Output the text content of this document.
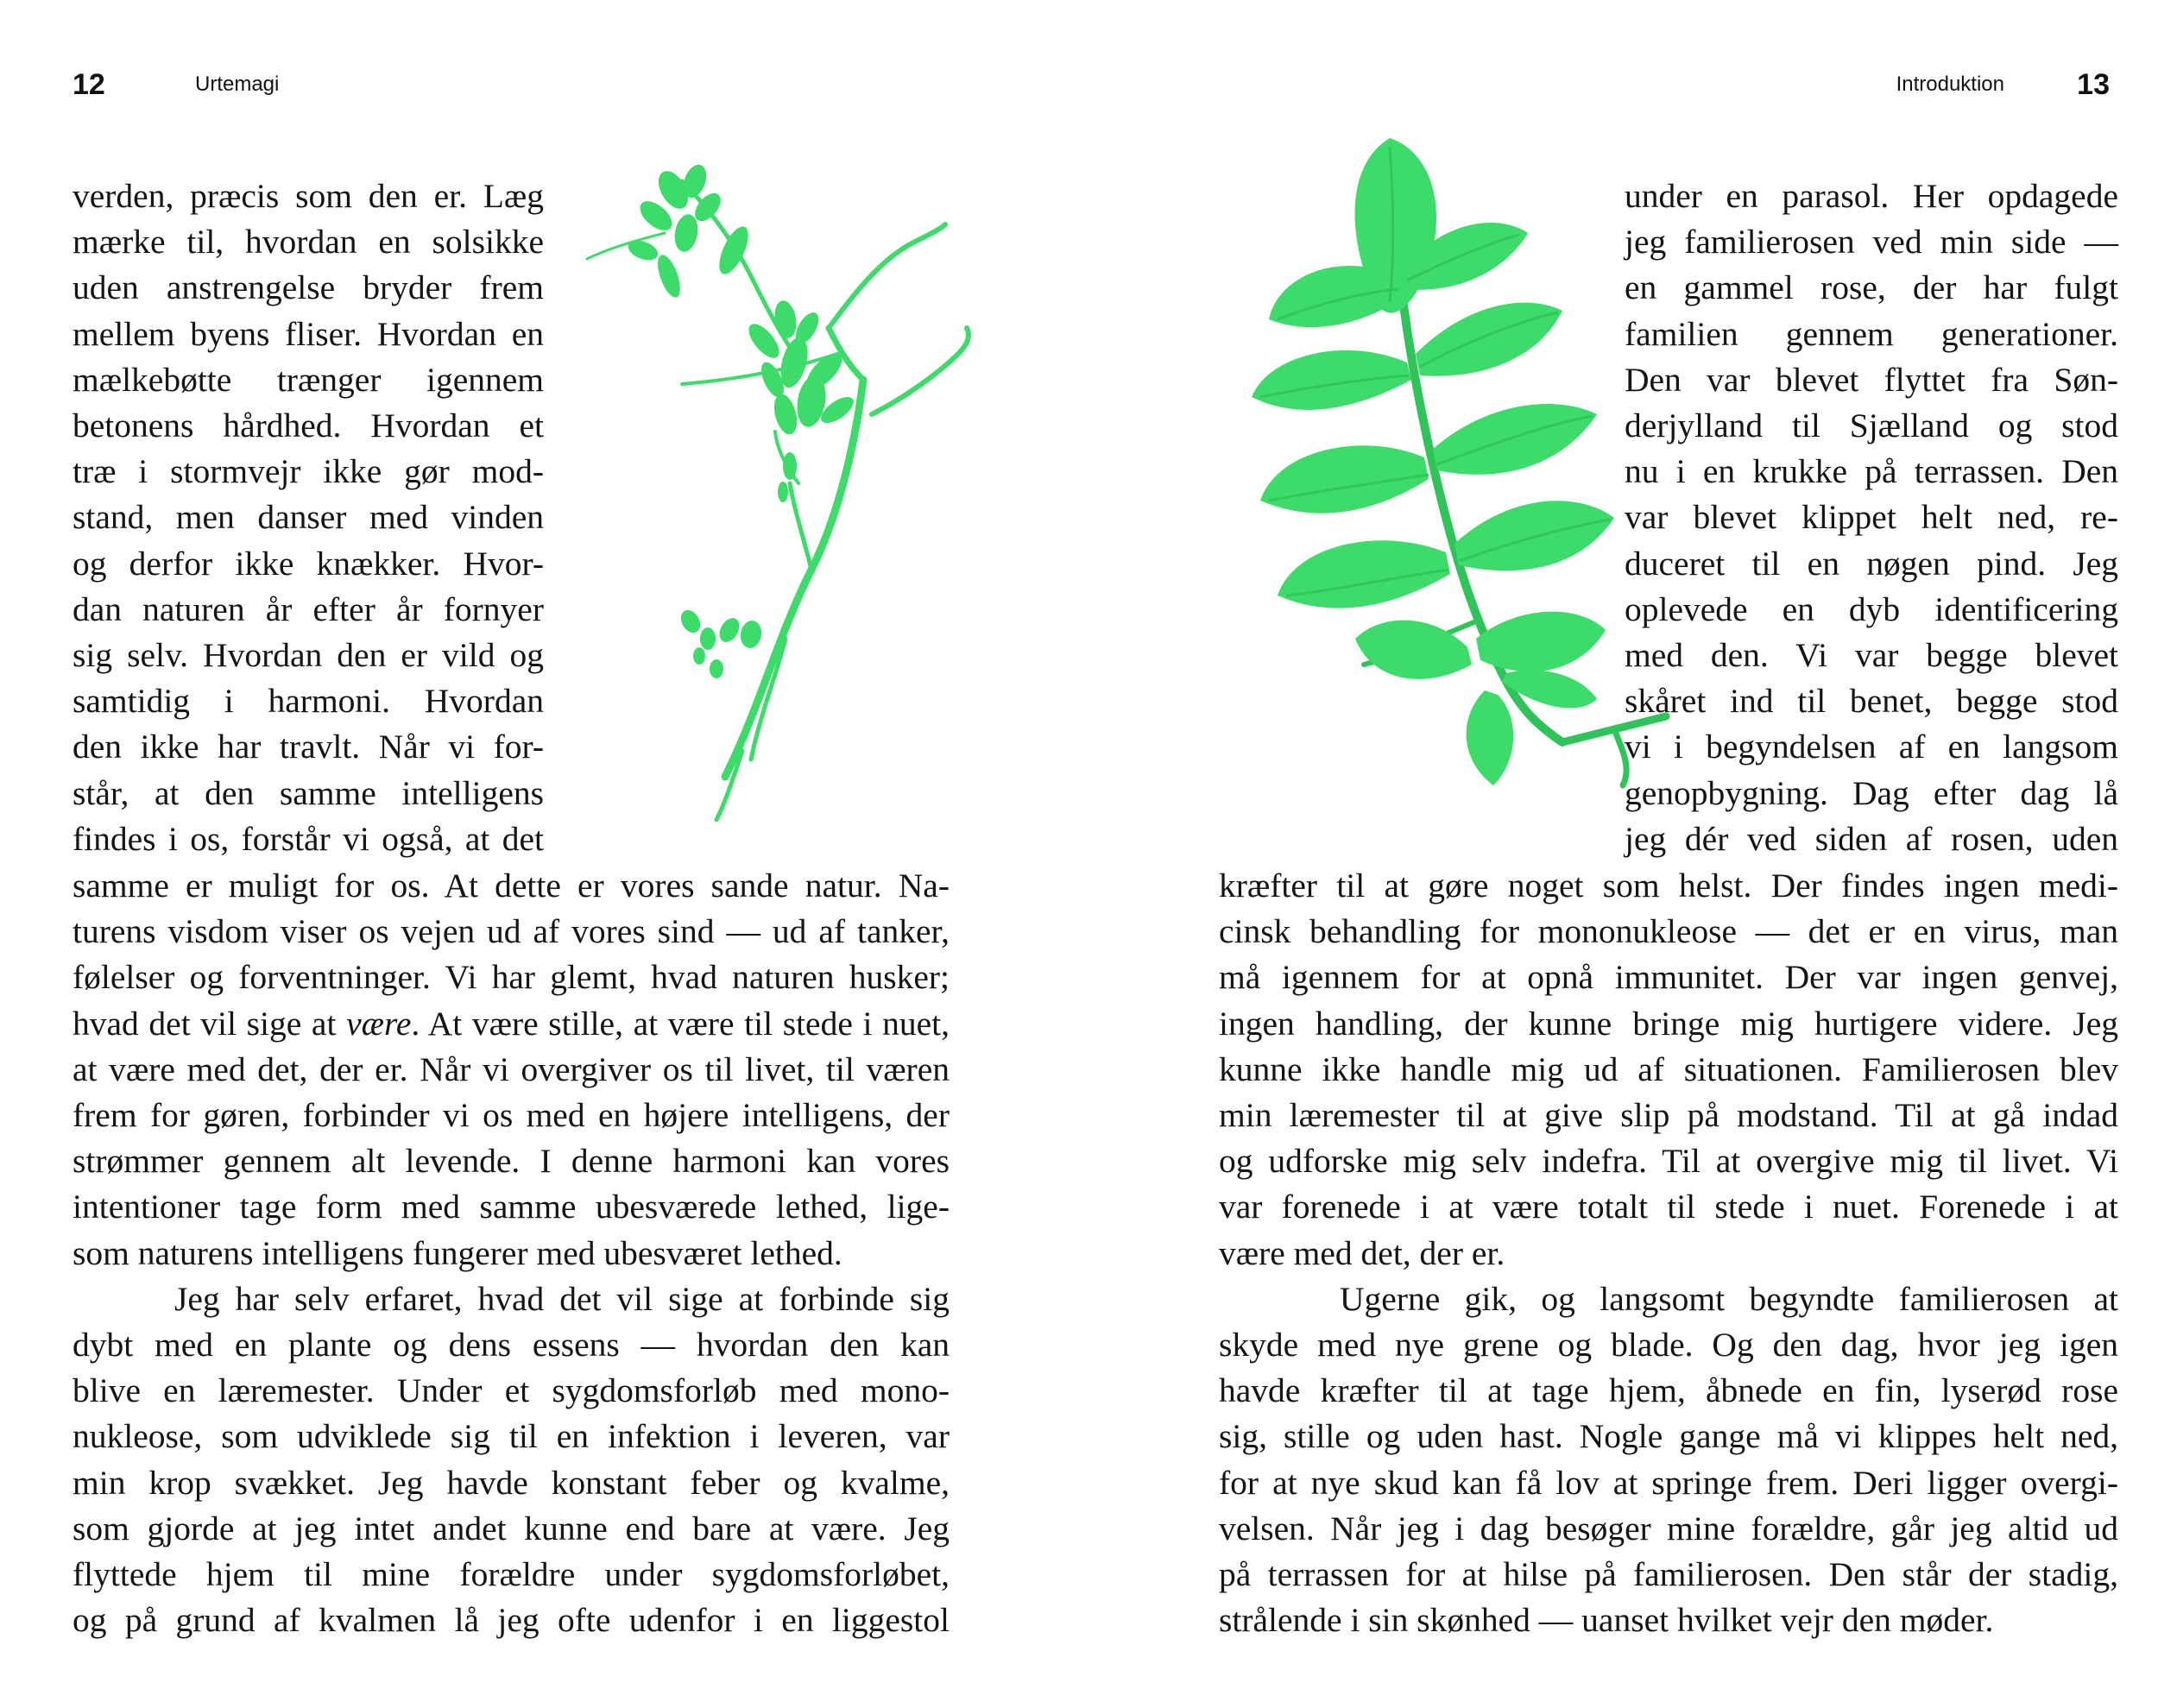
12	Urtemagi
verden, præcis som den er. Læg
mærke til, hvordan en solsikke
uden anstrengelse bryder frem
mellem byens fliser. Hvordan en
mælkebøtte trænger igennem
betonens hårdhed. Hvordan et
træ i stormvejr ikke gør mod-
stand, men danser med vinden
og derfor ikke knækker. Hvor-
dan naturen år efter år fornyer
sig selv. Hvordan den er vild og
samtidig i harmoni. Hvordan
den ikke har travlt. Når vi for-
står, at den samme intelligens
findes i os, forstår vi også, at det
samme er muligt for os. At dette er vores sande natur. Na-
turens visdom viser os vejen ud af vores sind — ud af tanker,
følelser og forventninger. Vi har glemt, hvad naturen husker;
hvad det vil sige at være. At være stille, at være til stede i nuet,
at være med det, der er. Når vi overgiver os til livet, til væren
frem for gøren, forbinder vi os med en højere intelligens, der
strømmer gennem alt levende. I denne harmoni kan vores
intentioner tage form med samme ubesværede lethed, lige-
som naturens intelligens fungerer med ubesværet lethed.
Jeg har selv erfaret, hvad det vil sige at forbinde sig
dybt med en plante og dens essens — hvordan den kan
blive en læremester. Under et sygdomsforløb med mono-
nukleose, som udviklede sig til en infektion i leveren, var
min krop svækket. Jeg havde konstant feber og kvalme,
som gjorde at jeg intet andet kunne end bare at være. Jeg
flyttede hjem til mine forældre under sygdomsforløbet,
og på grund af kvalmen lå jeg ofte udenfor i en liggestol
Introduktion 13
under en parasol. Her opdagede
jeg familierosen ved min side —
en gammel rose, der har fulgt
familien gennem generationer.
Den var blevet flyttet fra Søn-
derjylland til Sjælland og stod
nu i en krukke på terrassen. Den
var blevet klippet helt ned, re-
duceret til en nøgen pind. Jeg
oplevede en dyb identificering
med den. Vi var begge blevet
skåret ind til benet, begge stod
vi i begyndelsen af en langsom
genopbygning. Dag efter dag lå
jeg dér ved siden af rosen, uden
kræfter til at gøre noget som helst. Der findes ingen medi-
cinsk behandling for mononukleose — det er en virus, man
må igennem for at opnå immunitet. Der var ingen genvej,
ingen handling, der kunne bringe mig hurtigere videre. Jeg
kunne ikke handle mig ud af situationen. Familierosen blev
min læremester til at give slip på modstand. Til at gå indad
og udforske mig selv indefra. Til at overgive mig til livet. Vi
var forenede i at være totalt til stede i nuet. Forenede i at
være med det, der er.
Ugerne gik, og langsomt begyndte familierosen at
skyde med nye grene og blade. Og den dag, hvor jeg igen
havde kræfter til at tage hjem, åbnede en fin, lyserød rose
sig, stille og uden hast. Nogle gange må vi klippes helt ned,
for at nye skud kan få lov at springe frem. Deri ligger overgi-
velsen. Når jeg i dag besøger mine forældre, går jeg altid ud
på terrassen for at hilse på familierosen. Den står der stadig,
strålende i sin skønhed — uanset hvilket vejr den møder.
